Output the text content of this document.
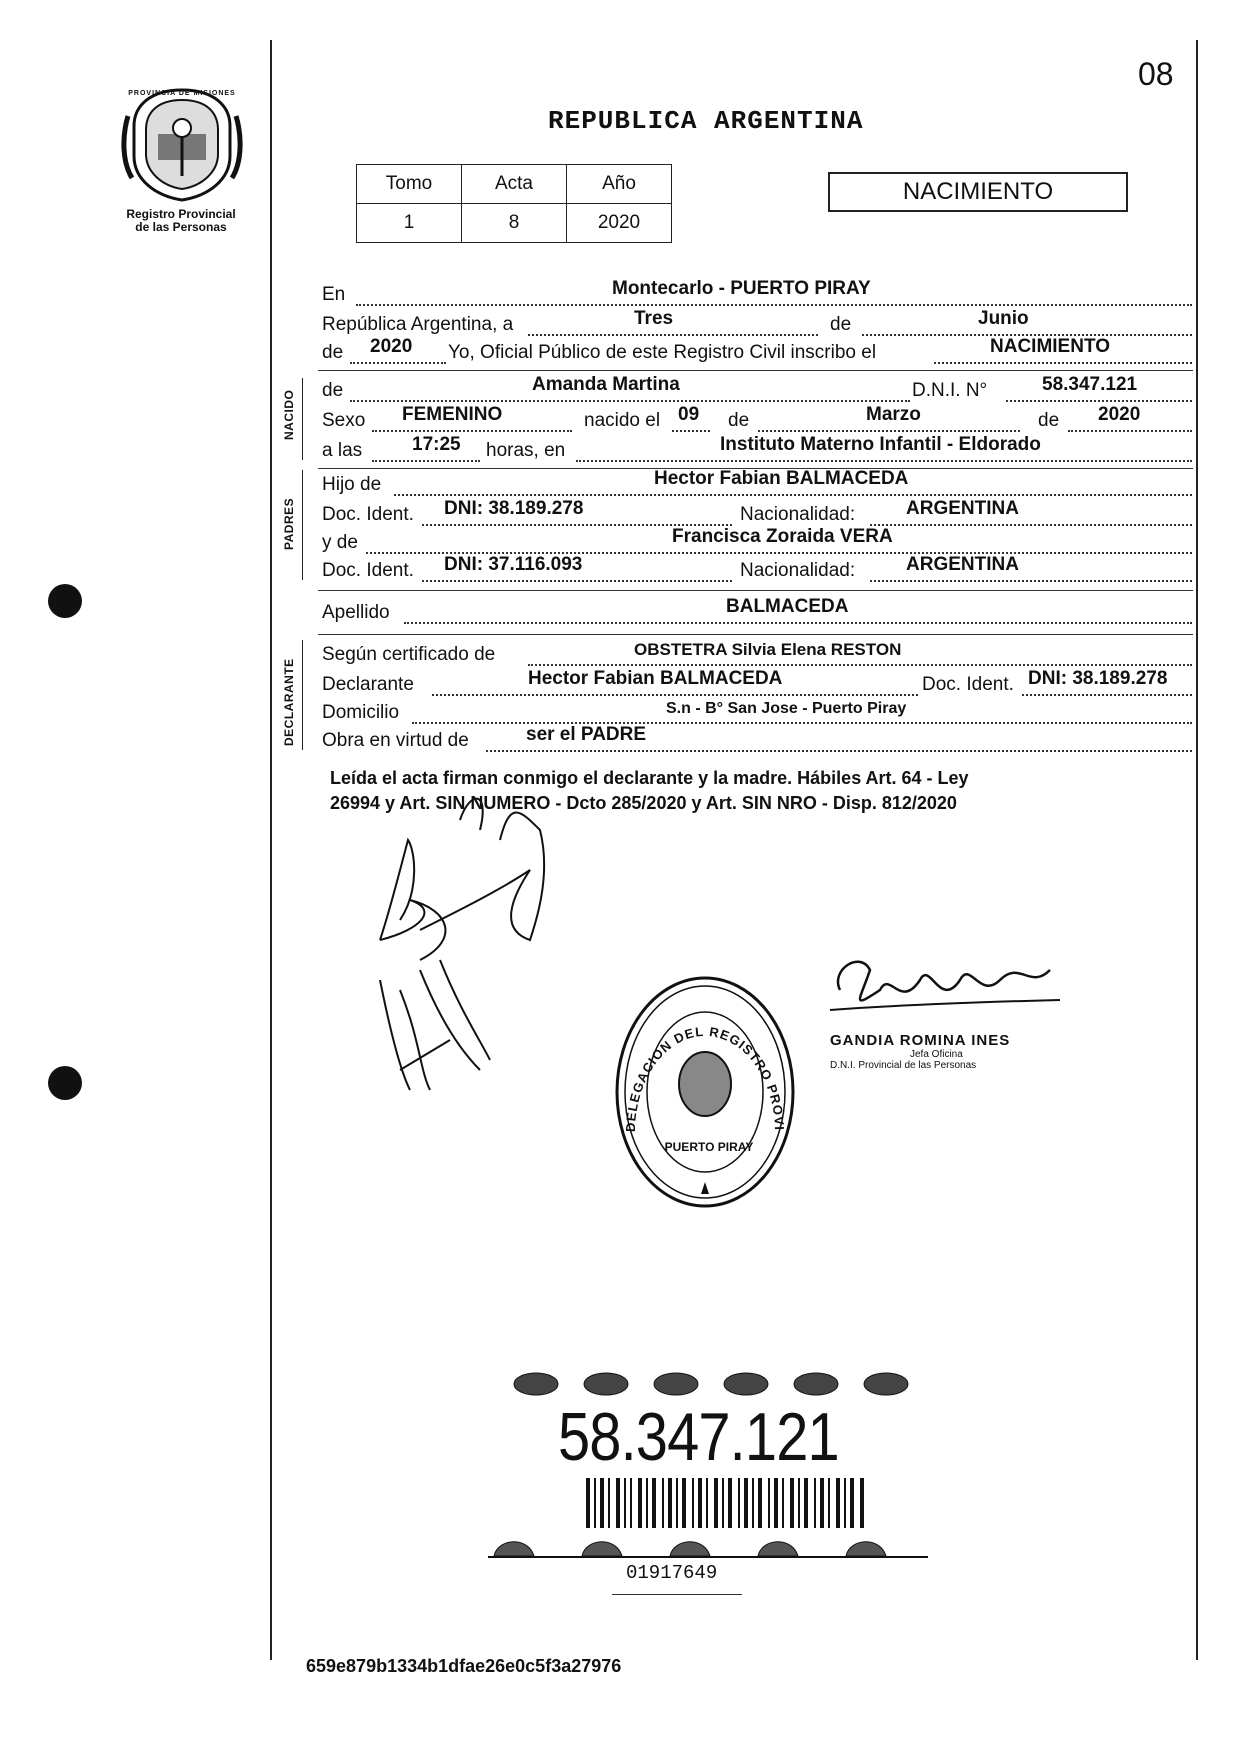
PROVINCIA DE MISIONES
Registro Provincial
de las Personas
08
REPUBLICA ARGENTINA
Tomo	Acta	Año
1	8	2020
NACIMIENTO
NACIDO
PADRES
DECLARANTE
En	Montecarlo - PUERTO PIRAY
República Argentina, a	Tres	de	Junio
de 2020 Yo, Oficial Público de este Registro Civil inscribo el	NACIMIENTO
de	Amanda Martina	D.N.I. N°	58.347.121
Sexo FEMENINO	nacido el 09 de	Marzo	de 2020
a las	17:25 horas, en	Instituto Materno Infantil - Eldorado
Hijo de	Hector Fabian BALMACEDA
Doc. Ident. DNI: 38.189.278	Nacionalidad:	ARGENTINA
y de	Francisca Zoraida VERA
Doc. Ident. DNI: 37.116.093	Nacionalidad:	ARGENTINA
Apellido	BALMACEDA
Según certificado de	OBSTETRA Silvia Elena RESTON
Declarante	Hector Fabian BALMACEDA	Doc. Ident. DNI: 38.189.278
Domicilio	S.n - B° San Jose - Puerto Piray
Obra en virtud de	ser el PADRE
Leída el acta firman conmigo el declarante y la madre. Hábiles Art. 64 - Ley
26994 y Art. SIN NUMERO - Dcto 285/2020 y Art. SIN NRO - Disp. 812/2020
DELEGACION DEL REGISTRO PROVI
PUERTO PIRAY
GANDIA ROMINA INES
Jefa Oficina
D.N.I. Provincial de las Personas
58.347.121
01917649
659e879b1334b1dfae26e0c5f3a27976
